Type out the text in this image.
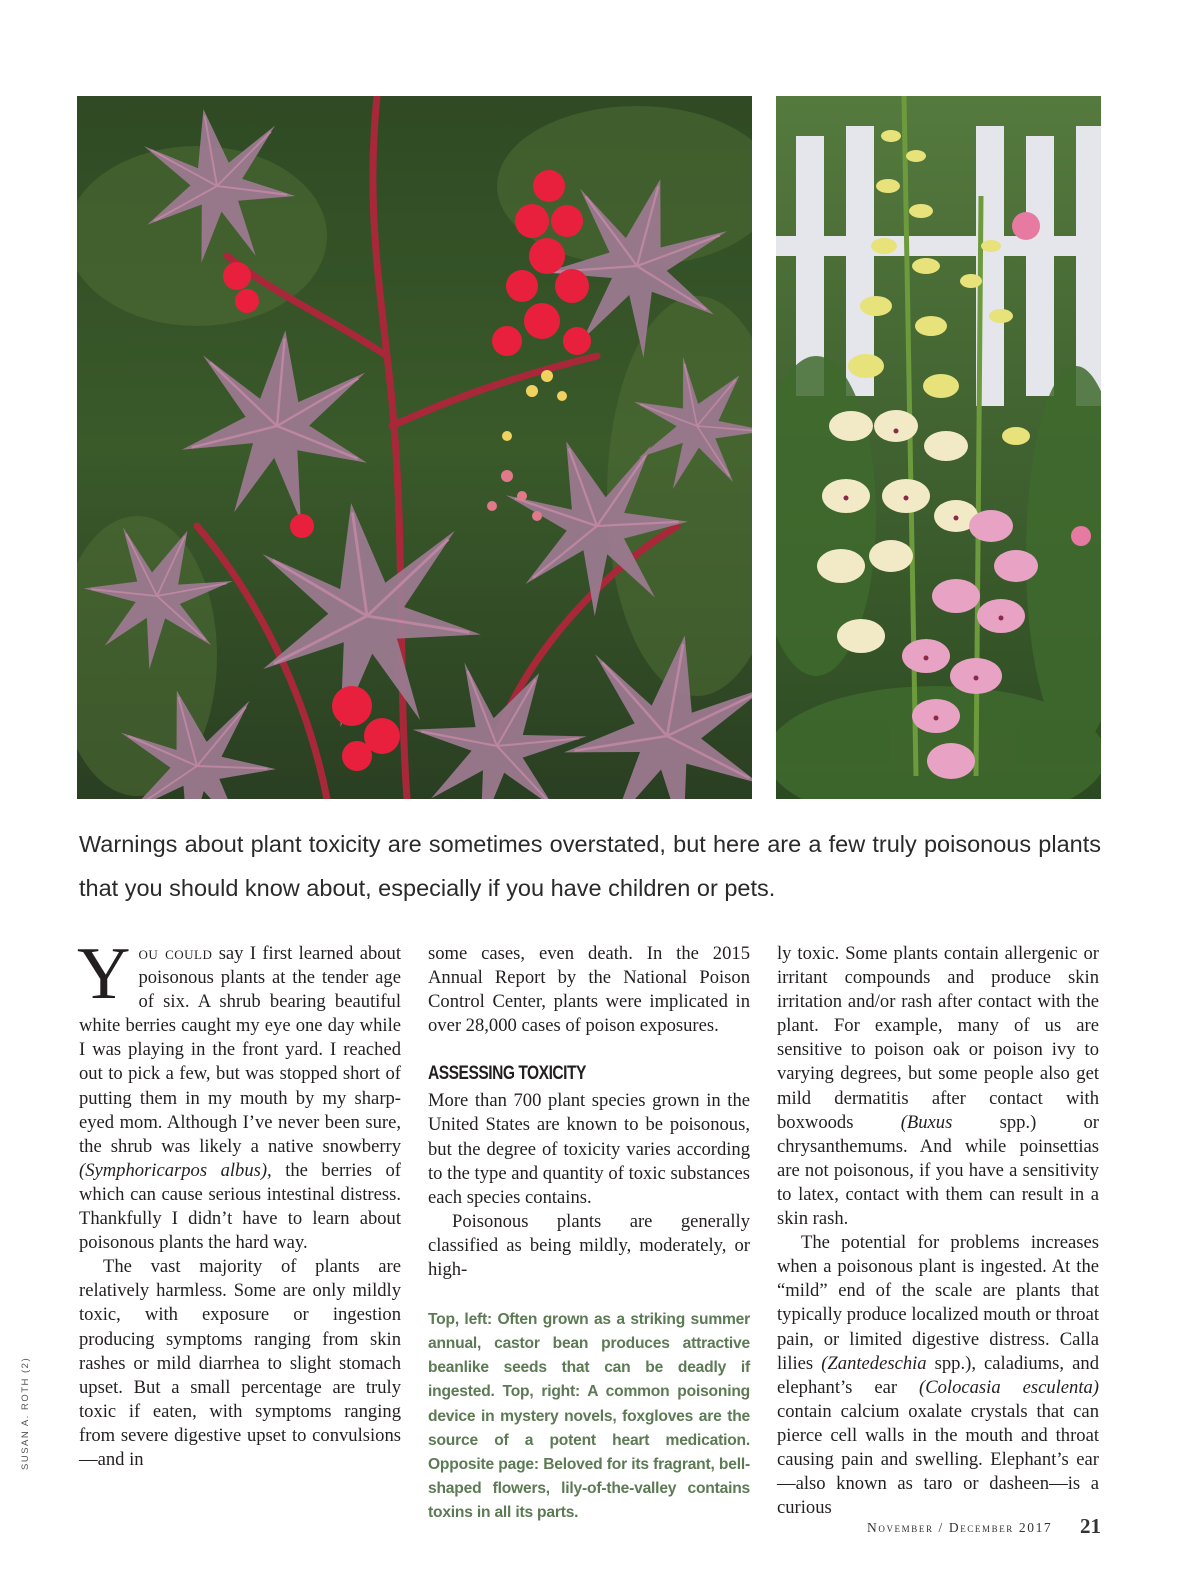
Warnings about plant toxicity are sometimes overstated, but here are a few truly poisonous plants that you should know about, especially if you have children or pets.

You could say I first learned about poisonous plants at the tender age of six. A shrub bearing beautiful white berries caught my eye one day while I was playing in the front yard. I reached out to pick a few, but was stopped short of putting them in my mouth by my sharp-eyed mom. Although I’ve never been sure, the shrub was likely a native snowberry (Symphoricarpos albus), the berries of which can cause serious intestinal distress. Thankfully I didn’t have to learn about poisonous plants the hard way.

The vast majority of plants are relatively harmless. Some are only mildly toxic, with exposure or ingestion producing symptoms ranging from skin rashes or mild diarrhea to slight stomach upset. But a small percentage are truly toxic if eaten, with symptoms ranging from severe digestive upset to convulsions—and in

some cases, even death. In the 2015 Annual Report by the National Poison Control Center, plants were implicated in over 28,000 cases of poison exposures.

ASSESSING TOXICITY

More than 700 plant species grown in the United States are known to be poisonous, but the degree of toxicity varies according to the type and quantity of toxic substances each species contains.

Poisonous plants are generally classified as being mildly, moderately, or high-

Top, left: Often grown as a striking summer annual, castor bean produces attractive beanlike seeds that can be deadly if ingested. Top, right: A common poisoning device in mystery novels, foxgloves are the source of a potent heart medication. Opposite page: Beloved for its fragrant, bell-shaped flowers, lily-of-the-valley contains toxins in all its parts.

ly toxic. Some plants contain allergenic or irritant compounds and produce skin irritation and/or rash after contact with the plant. For example, many of us are sensitive to poison oak or poison ivy to varying degrees, but some people also get mild dermatitis after contact with boxwoods (Buxus spp.) or chrysanthemums. And while poinsettias are not poisonous, if you have a sensitivity to latex, contact with them can result in a skin rash.

The potential for problems increases when a poisonous plant is ingested. At the “mild” end of the scale are plants that typically produce localized mouth or throat pain, or limited digestive distress. Calla lilies (Zantedeschia spp.), caladiums, and elephant’s ear (Colocasia esculenta) contain calcium oxalate crystals that can pierce cell walls in the mouth and throat causing pain and swelling. Elephant’s ear—also known as taro or dasheen—is a curious

SUSAN A. ROTH (2)
November / December 2017 21
